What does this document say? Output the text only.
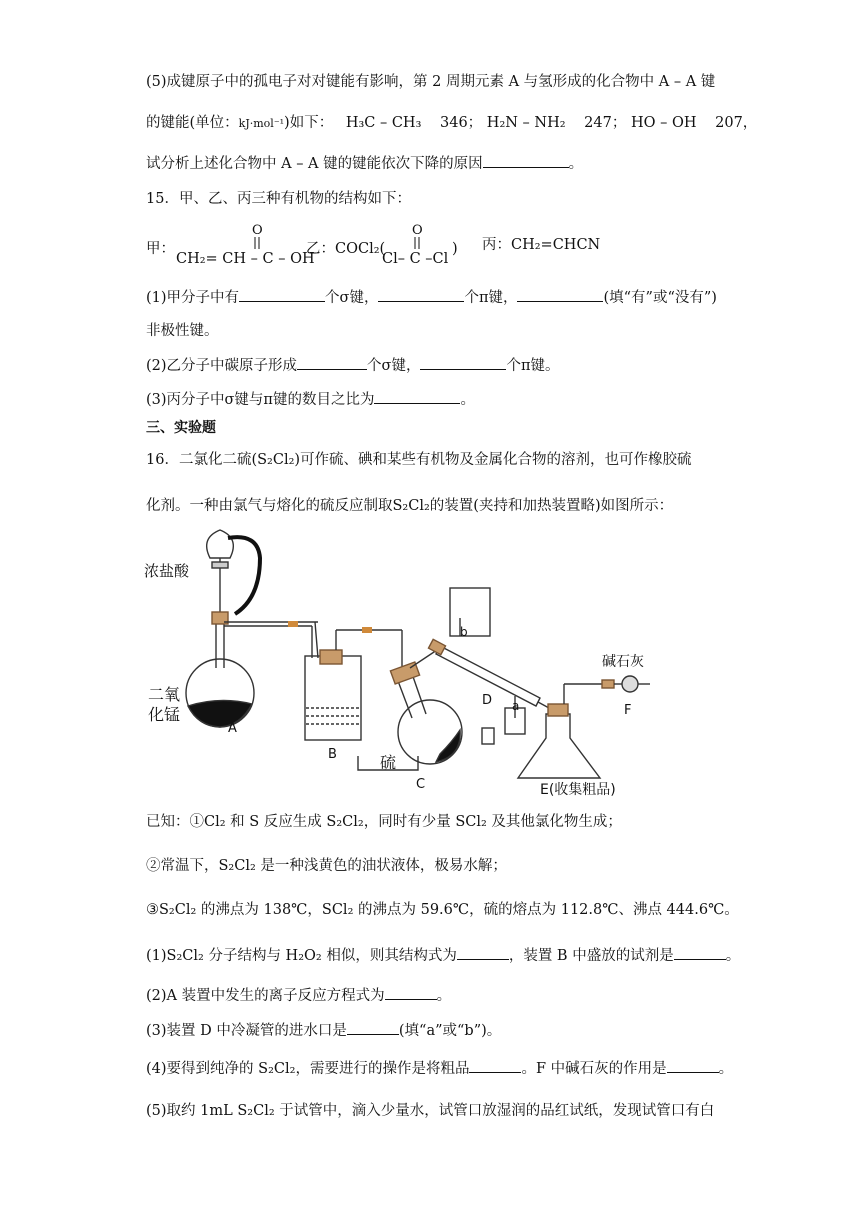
(5)成键原子中的孤电子对对键能有影响，第 2 周期元素 A 与氢形成的化合物中 A – A 键
的键能(单位：kJ·mol⁻¹)如下： H₃C – CH₃ 346； H₂N – NH₂ 247； HO – OH 207，
试分析上述化合物中 A – A 键的键能依次下降的原因	。
15．甲、乙、丙三种有机物的结构如下：
甲：
O
CH₂= CH – C – OH
乙：COCl₂(
O
Cl– C –Cl
) 丙：CH₂=CHCN
(1)甲分子中有	个σ键，	个π键，	(填“有”或“没有”)
非极性键。
(2)乙分子中碳原子形成	个σ键，	个π键。
(3)丙分子中σ键与π键的数目之比为	。
三、实验题
16．二氯化二硫(S₂Cl₂)可作硫、碘和某些有机物及金属化合物的溶剂，也可作橡胶硫
化剂。一种由氯气与熔化的硫反应制取S₂Cl₂的装置(夹持和加热装置略)如图所示：
浓盐酸
二氧
化锰
A
B	硫
C
D a
b
碱石灰
F
E(收集粗品)
已知：①Cl₂ 和 S 反应生成 S₂Cl₂，同时有少量 SCl₂ 及其他氯化物生成；
②常温下，S₂Cl₂ 是一种浅黄色的油状液体，极易水解；
③S₂Cl₂ 的沸点为 138℃，SCl₂ 的沸点为 59.6℃，硫的熔点为 112.8℃、沸点 444.6℃。
(1)S₂Cl₂ 分子结构与 H₂O₂ 相似，则其结构式为	，装置 B 中盛放的试剂是	。
(2)A 装置中发生的离子反应方程式为	。
(3)装置 D 中冷凝管的进水口是	(填“a”或“b”)。
(4)要得到纯净的 S₂Cl₂，需要进行的操作是将粗品	。F 中碱石灰的作用是	。
(5)取约 1mL S₂Cl₂ 于试管中，滴入少量水，试管口放湿润的品红试纸，发现试管口有白
